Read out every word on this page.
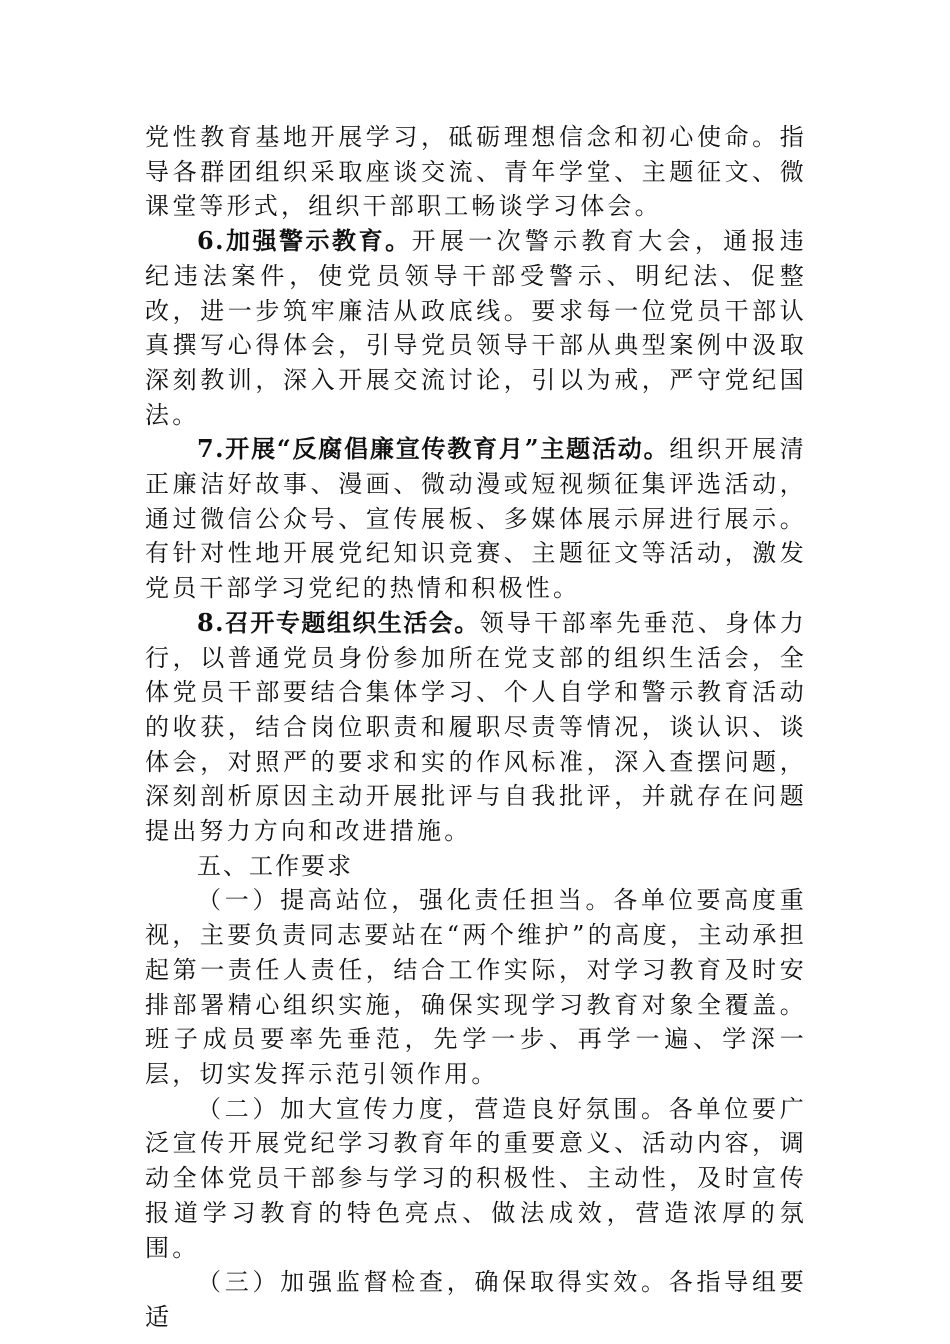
党性教育基地开展学习，砥砺理想信念和初心使命。指导各群团组织采取座谈交流、青年学堂、主题征文、微课堂等形式，组织干部职工畅谈学习体会。

6.加强警示教育。开展一次警示教育大会，通报违纪违法案件，使党员领导干部受警示、明纪法、促整改，进一步筑牢廉洁从政底线。要求每一位党员干部认真撰写心得体会，引导党员领导干部从典型案例中汲取深刻教训，深入开展交流讨论，引以为戒，严守党纪国法。

7.开展“反腐倡廉宣传教育月”主题活动。组织开展清正廉洁好故事、漫画、微动漫或短视频征集评选活动，通过微信公众号、宣传展板、多媒体展示屏进行展示。有针对性地开展党纪知识竞赛、主题征文等活动，激发党员干部学习党纪的热情和积极性。

8.召开专题组织生活会。领导干部率先垂范、身体力行，以普通党员身份参加所在党支部的组织生活会，全体党员干部要结合集体学习、个人自学和警示教育活动的收获，结合岗位职责和履职尽责等情况，谈认识、谈体会，对照严的要求和实的作风标准，深入查摆问题，深刻剖析原因主动开展批评与自我批评，并就存在问题提出努力方向和改进措施。

五、工作要求

（一）提高站位，强化责任担当。各单位要高度重视，主要负责同志要站在“两个维护”的高度，主动承担起第一责任人责任，结合工作实际，对学习教育及时安排部署精心组织实施，确保实现学习教育对象全覆盖。班子成员要率先垂范，先学一步、再学一遍、学深一层，切实发挥示范引领作用。

（二）加大宣传力度，营造良好氛围。各单位要广泛宣传开展党纪学习教育年的重要意义、活动内容，调动全体党员干部参与学习的积极性、主动性，及时宣传报道学习教育的特色亮点、做法成效，营造浓厚的氛围。

（三）加强监督检查，确保取得实效。各指导组要适
